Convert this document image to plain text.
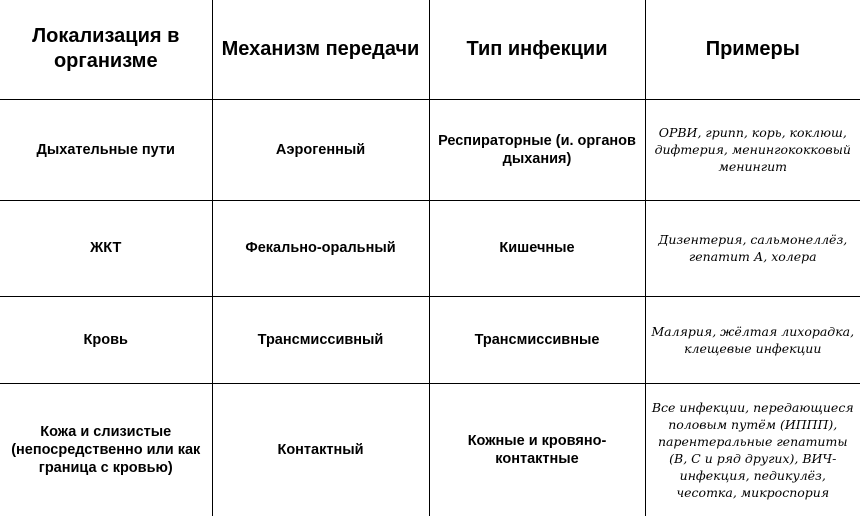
Локализация в организме	Механизм передачи	Тип инфекции	Примеры
Дыхательные пути	Аэрогенный	Респираторные (и. органов дыхания)	ОРВИ, грипп, корь, коклюш, дифтерия, менингококковый менингит
ЖКТ	Фекально-оральный	Кишечные	Дизентерия, сальмонеллёз, гепатит А, холера
Кровь	Трансмиссивный	Трансмиссивные	Малярия, жёлтая лихорадка, клещевые инфекции
Кожа и слизистые (непосредственно или как граница с кровью)	Контактный	Кожные и кровяно-контактные	Все инфекции, передающиеся половым путём (ИППП), парентеральные гепатиты (В, С и ряд других), ВИЧ-инфекция, педикулёз, чесотка, микроспория
